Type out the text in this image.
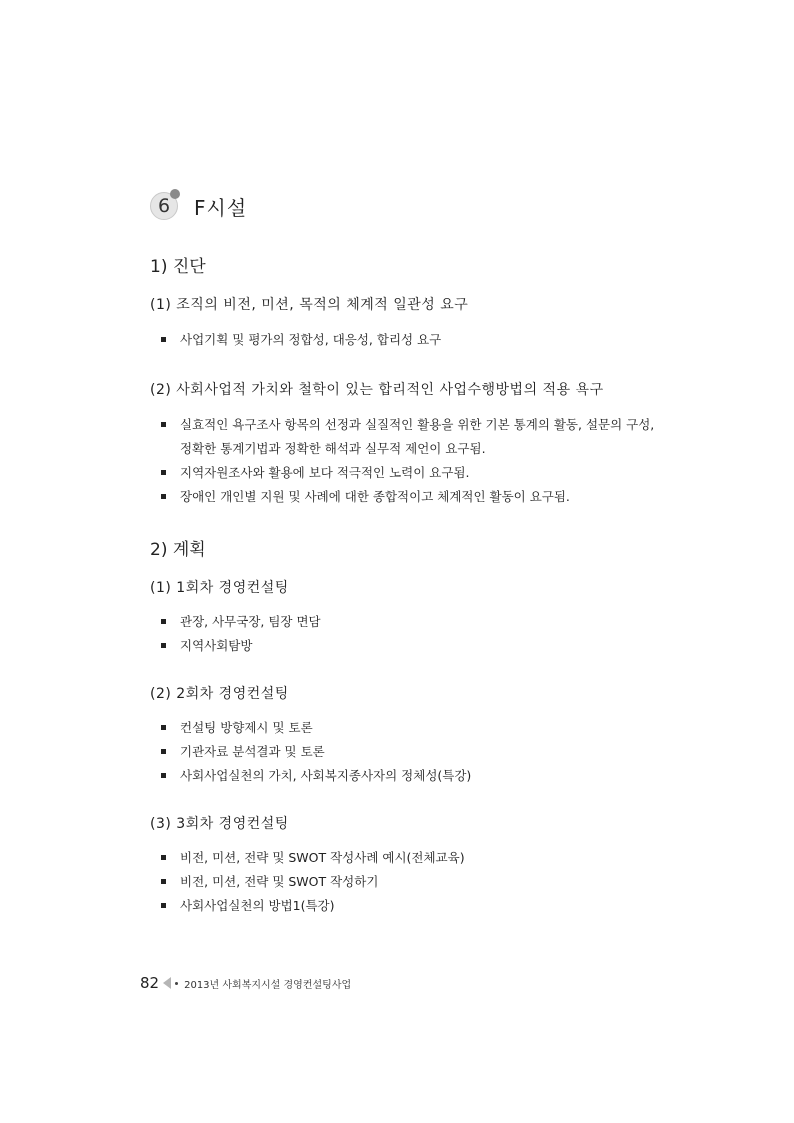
6 F시설
1) 진단
(1) 조직의 비전, 미션, 목적의 체계적 일관성 요구
사업기획 및 평가의 정합성, 대응성, 합리성 요구
(2) 사회사업적 가치와 철학이 있는 합리적인 사업수행방법의 적용 욕구
실효적인 욕구조사 항목의 선정과 실질적인 활용을 위한 기본 통계의 활동, 설문의 구성, 정확한 통계기법과 정확한 해석과 실무적 제언이 요구됨.
지역자원조사와 활용에 보다 적극적인 노력이 요구됨.
장애인 개인별 지원 및 사례에 대한 종합적이고 체계적인 활동이 요구됨.
2) 계획
(1) 1회차 경영컨설팅
관장, 사무국장, 팀장 면담
지역사회탐방
(2) 2회차 경영컨설팅
컨설팅 방향제시 및 토론
기관자료 분석결과 및 토론
사회사업실천의 가치, 사회복지종사자의 정체성(특강)
(3) 3회차 경영컨설팅
비전, 미션, 전략 및 SWOT 작성사례 예시(전체교육)
비전, 미션, 전략 및 SWOT 작성하기
사회사업실천의 방법1(특강)
82	2013년 사회복지시설 경영컨설팅사업
